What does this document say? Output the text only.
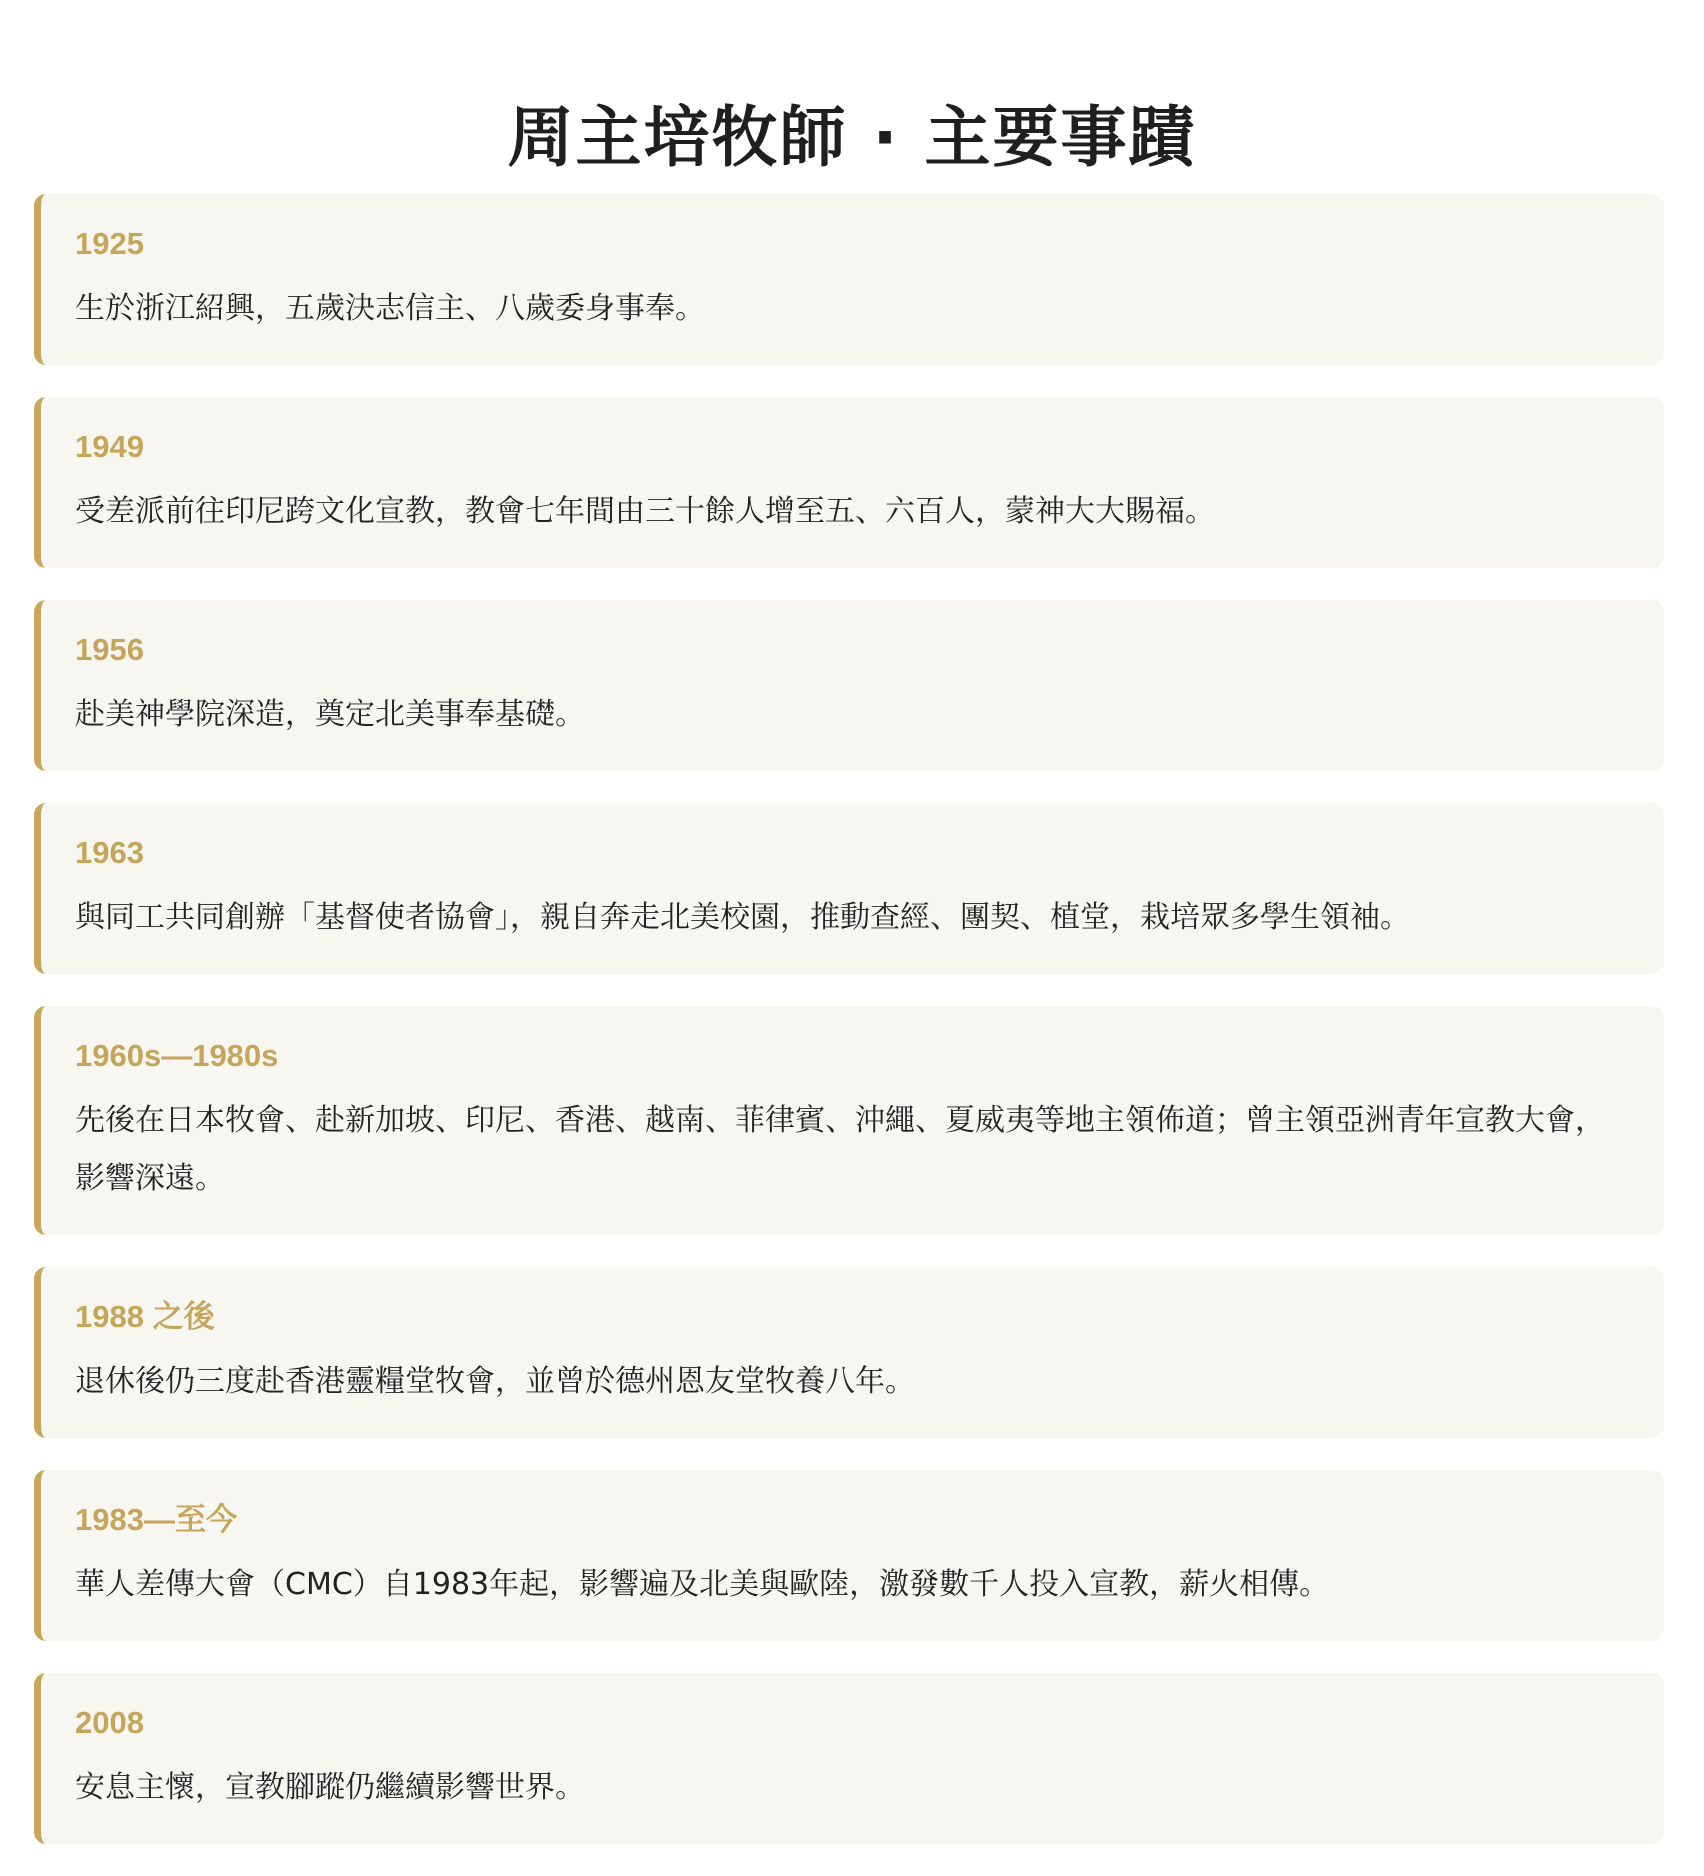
周主培牧師 · 主要事蹟
1925

生於浙江紹興，五歲決志信主、八歲委身事奉。

1949

受差派前往印尼跨文化宣教，教會七年間由三十餘人增至五、六百人，蒙神大大賜福。

1956

赴美神學院深造，奠定北美事奉基礎。

1963

與同工共同創辦「基督使者協會」，親自奔走北美校園，推動查經、團契、植堂，栽培眾多學生領袖。

1960s—1980s

先後在日本牧會、赴新加坡、印尼、香港、越南、菲律賓、沖繩、夏威夷等地主領佈道；曾主領亞洲青年宣教大會，影響深遠。

1988 之後

退休後仍三度赴香港靈糧堂牧會，並曾於德州恩友堂牧養八年。

1983—至今

華人差傳大會（CMC）自1983年起，影響遍及北美與歐陸，激發數千人投入宣教，薪火相傳。

2008

安息主懷，宣教腳蹤仍繼續影響世界。
